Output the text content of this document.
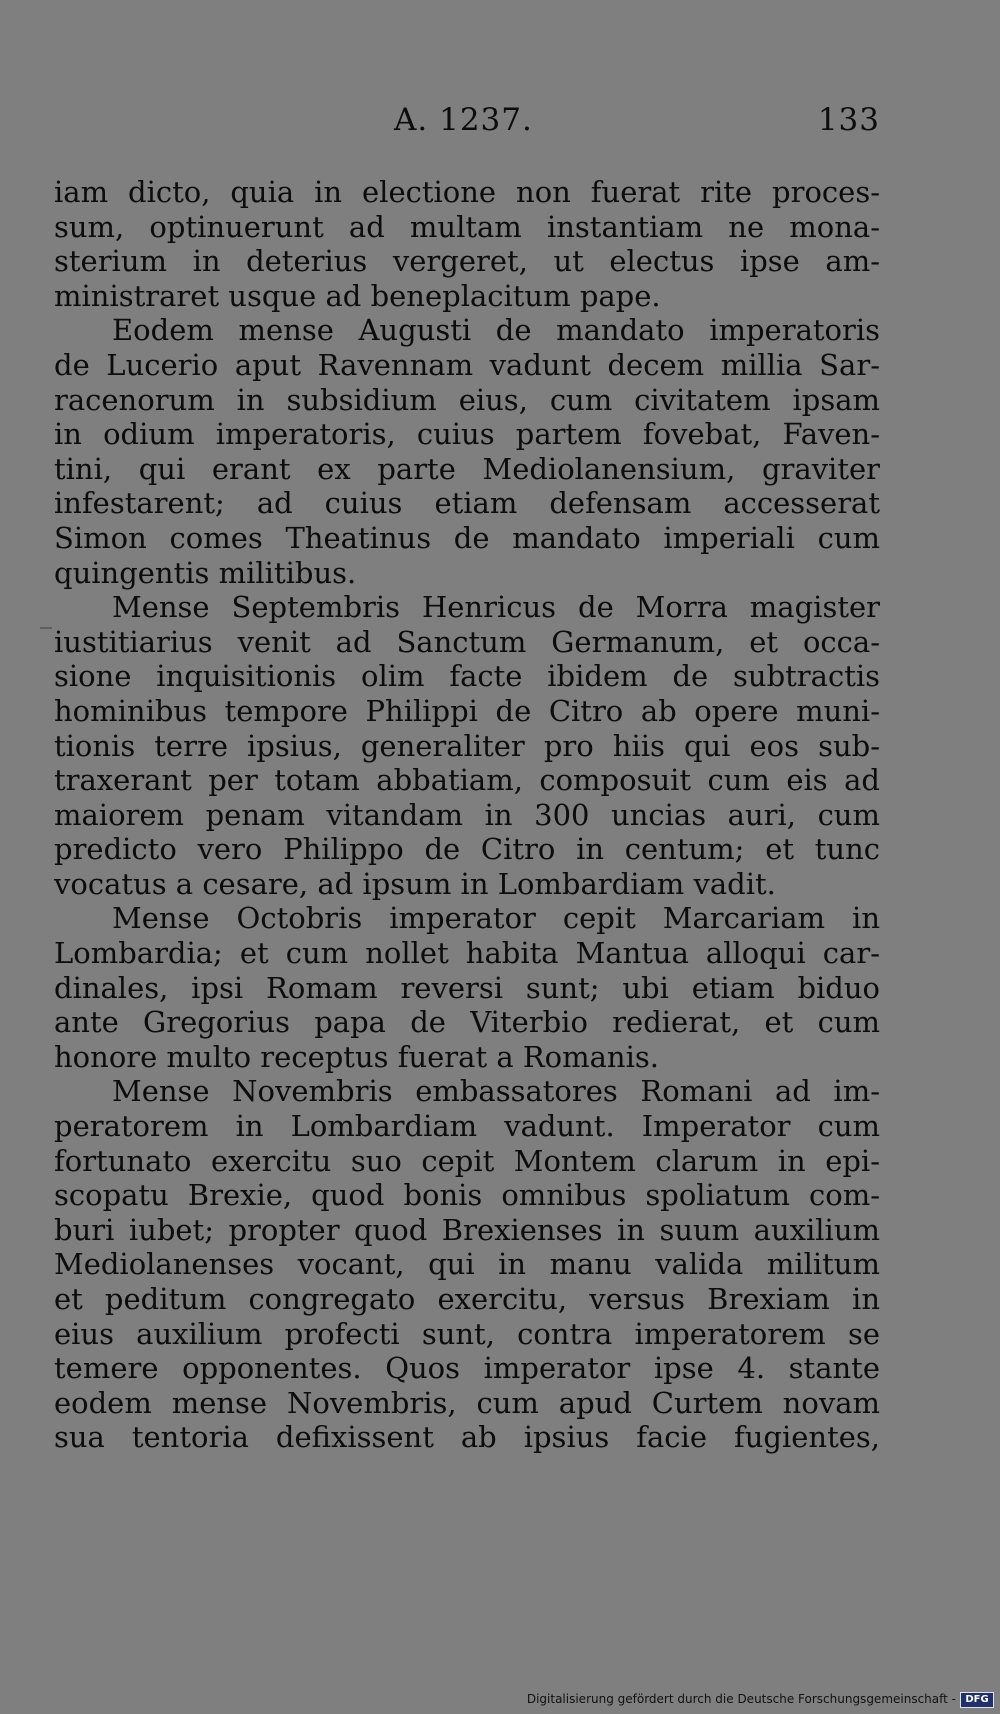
A. 1237.	133
iam dicto, quia in electione non fuerat rite proces-
sum, optinuerunt ad multam instantiam ne mona-
sterium in deterius vergeret, ut electus ipse am-
ministraret usque ad beneplacitum pape.
Eodem mense Augusti de mandato imperatoris
de Lucerio aput Ravennam vadunt decem millia Sar-
racenorum in subsidium eius, cum civitatem ipsam
in odium imperatoris, cuius partem fovebat, Faven-
tini, qui erant ex parte Mediolanensium, graviter
infestarent; ad cuius etiam defensam accesserat
Simon comes Theatinus de mandato imperiali cum
quingentis militibus.
Mense Septembris Henricus de Morra magister
iustitiarius venit ad Sanctum Germanum, et occa-
sione inquisitionis olim facte ibidem de subtractis
hominibus tempore Philippi de Citro ab opere muni-
tionis terre ipsius, generaliter pro hiis qui eos sub-
traxerant per totam abbatiam, composuit cum eis ad
maiorem penam vitandam in 300 uncias auri, cum
predicto vero Philippo de Citro in centum; et tunc
vocatus a cesare, ad ipsum in Lombardiam vadit.
Mense Octobris imperator cepit Marcariam in
Lombardia; et cum nollet habita Mantua alloqui car-
dinales, ipsi Romam reversi sunt; ubi etiam biduo
ante Gregorius papa de Viterbio redierat, et cum
honore multo receptus fuerat a Romanis.
Mense Novembris embassatores Romani ad im-
peratorem in Lombardiam vadunt. Imperator cum
fortunato exercitu suo cepit Montem clarum in epi-
scopatu Brexie, quod bonis omnibus spoliatum com-
buri iubet; propter quod Brexienses in suum auxilium
Mediolanenses vocant, qui in manu valida militum
et peditum congregato exercitu, versus Brexiam in
eius auxilium profecti sunt, contra imperatorem se
temere opponentes. Quos imperator ipse 4. stante
eodem mense Novembris, cum apud Curtem novam
sua tentoria defixissent ab ipsius facie fugientes,
Digitalisierung gefördert durch die Deutsche Forschungsgemeinschaft - DFG
